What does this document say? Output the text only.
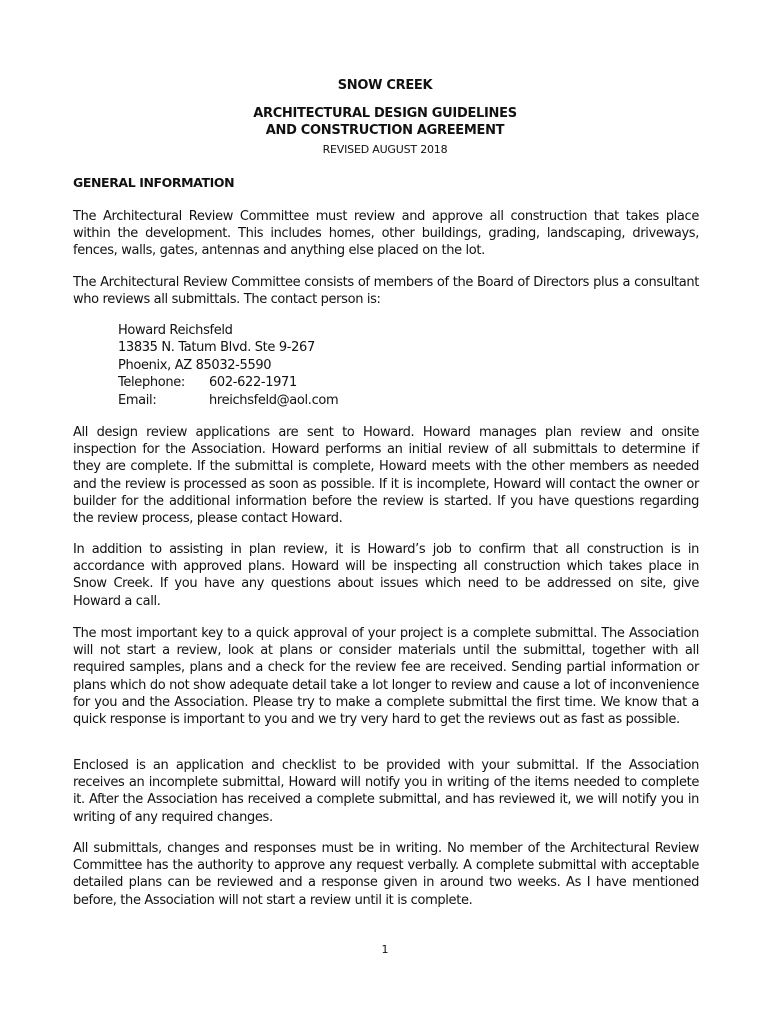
SNOW CREEK
ARCHITECTURAL DESIGN GUIDELINES
AND CONSTRUCTION AGREEMENT
REVISED AUGUST 2018
GENERAL INFORMATION

The Architectural Review Committee must review and approve all construction that takes place within the development. This includes homes, other buildings, grading, landscaping, driveways, fences, walls, gates, antennas and anything else placed on the lot.

The Architectural Review Committee consists of members of the Board of Directors plus a consultant who reviews all submittals. The contact person is:

Howard Reichsfeld
13835 N. Tatum Blvd. Ste 9-267
Phoenix, AZ 85032-5590
Telephone:	602-622-1971
Email:	hreichsfeld@aol.com

All design review applications are sent to Howard. Howard manages plan review and onsite inspection for the Association. Howard performs an initial review of all submittals to determine if they are complete. If the submittal is complete, Howard meets with the other members as needed and the review is processed as soon as possible. If it is incomplete, Howard will contact the owner or builder for the additional information before the review is started. If you have questions regarding the review process, please contact Howard.

In addition to assisting in plan review, it is Howard’s job to confirm that all construction is in accordance with approved plans. Howard will be inspecting all construction which takes place in Snow Creek. If you have any questions about issues which need to be addressed on site, give Howard a call.

The most important key to a quick approval of your project is a complete submittal. The Association will not start a review, look at plans or consider materials until the submittal, together with all required samples, plans and a check for the review fee are received. Sending partial information or plans which do not show adequate detail take a lot longer to review and cause a lot of inconvenience for you and the Association. Please try to make a complete submittal the first time. We know that a quick response is important to you and we try very hard to get the reviews out as fast as possible.

Enclosed is an application and checklist to be provided with your submittal. If the Association receives an incomplete submittal, Howard will notify you in writing of the items needed to complete it. After the Association has received a complete submittal, and has reviewed it, we will notify you in writing of any required changes.

All submittals, changes and responses must be in writing. No member of the Architectural Review Committee has the authority to approve any request verbally. A complete submittal with acceptable detailed plans can be reviewed and a response given in around two weeks. As I have mentioned before, the Association will not start a review until it is complete.

1
